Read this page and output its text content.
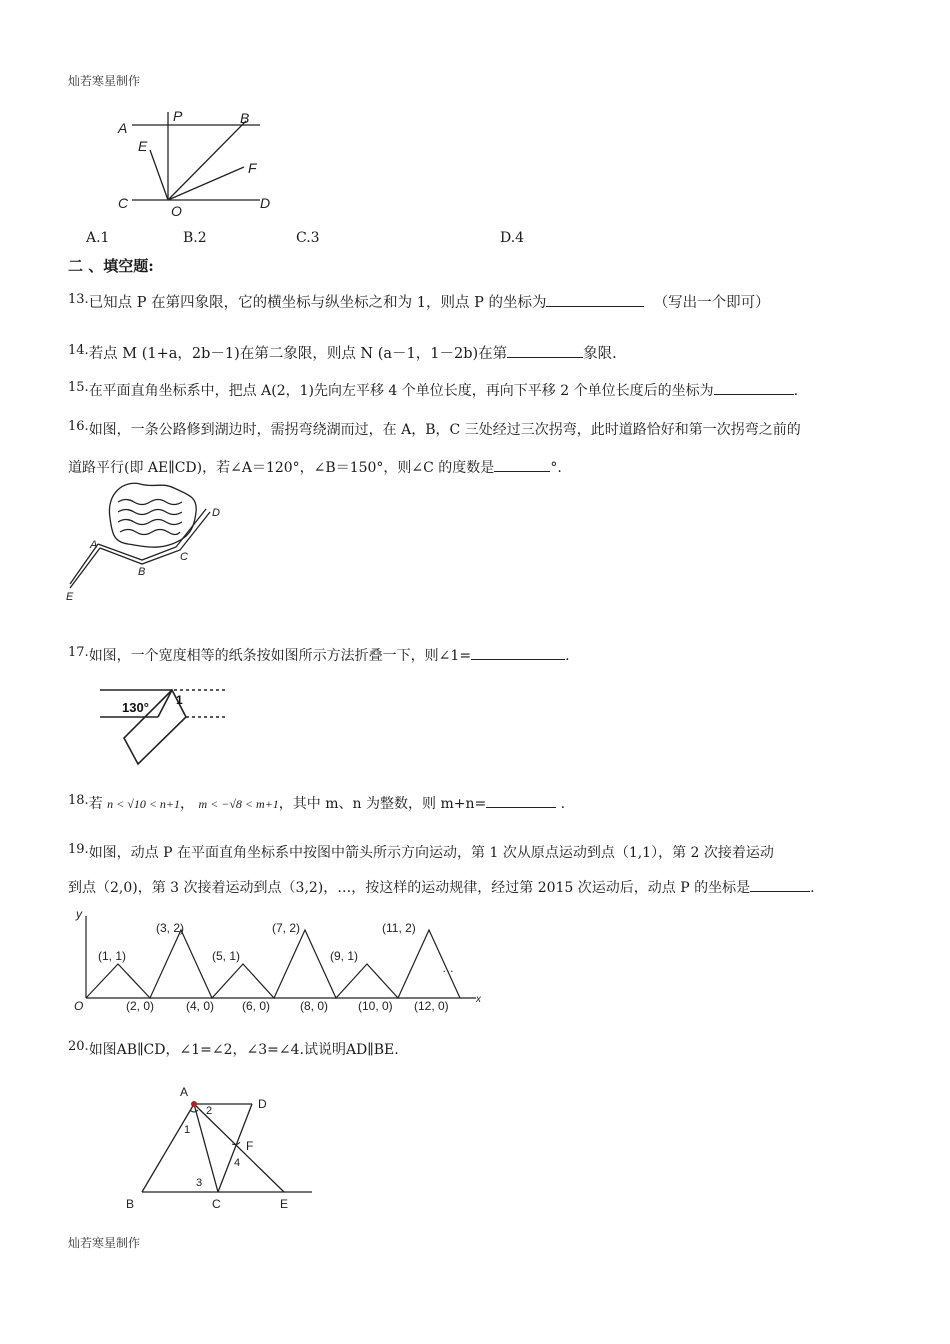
灿若寒星制作
A
P	B
E
F
C	O	D
A.1	B.2	C.3	D.4
二 、填空题:
13.已知点 P 在第四象限，它的横坐标与纵坐标之和为 1，则点 P 的坐标为	（写出一个即可）
14.若点 M (1+a，2b－1)在第二象限，则点 N (a－1，1－2b)在第	象限.
15.在平面直角坐标系中，把点 A(2，1)先向左平移 4 个单位长度，再向下平移 2 个单位长度后的坐标为	.
16.如图，一条公路修到湖边时，需拐弯绕湖而过，在 A，B，C 三处经过三次拐弯，此时道路恰好和第一次拐弯之前的
道路平行(即 AE∥CD)，若∠A＝120°，∠B＝150°，则∠C 的度数是	°.
A
B
C
D
E
17.如图，一个宽度相等的纸条按如图所示方法折叠一下，则∠1=	.
130° 1
18.若 n < √10 < n+1， m < −√8 < m+1，其中 m、n 为整数，则 m+n=	.
19.如图，动点 P 在平面直角坐标系中按图中箭头所示方向运动，第 1 次从原点运动到点（1,1），第 2 次接着运动
到点（2,0)，第 3 次接着运动到点（3,2)，…，按这样的运动规律，经过第 2015 次运动后，动点 P 的坐标是	.
y
x
O
…
(1, 1)
(3, 2)
(5, 1)
(7, 2)
(9, 1)
(11, 2)
(2, 0)	(4, 0) (6, 0) (8, 0) (10, 0) (12, 0)
20.如图AB∥CD，∠1=∠2，∠3=∠4.试说明AD∥BE.
A
D
F
B	C	E
1
2
3
4
灿若寒星制作
